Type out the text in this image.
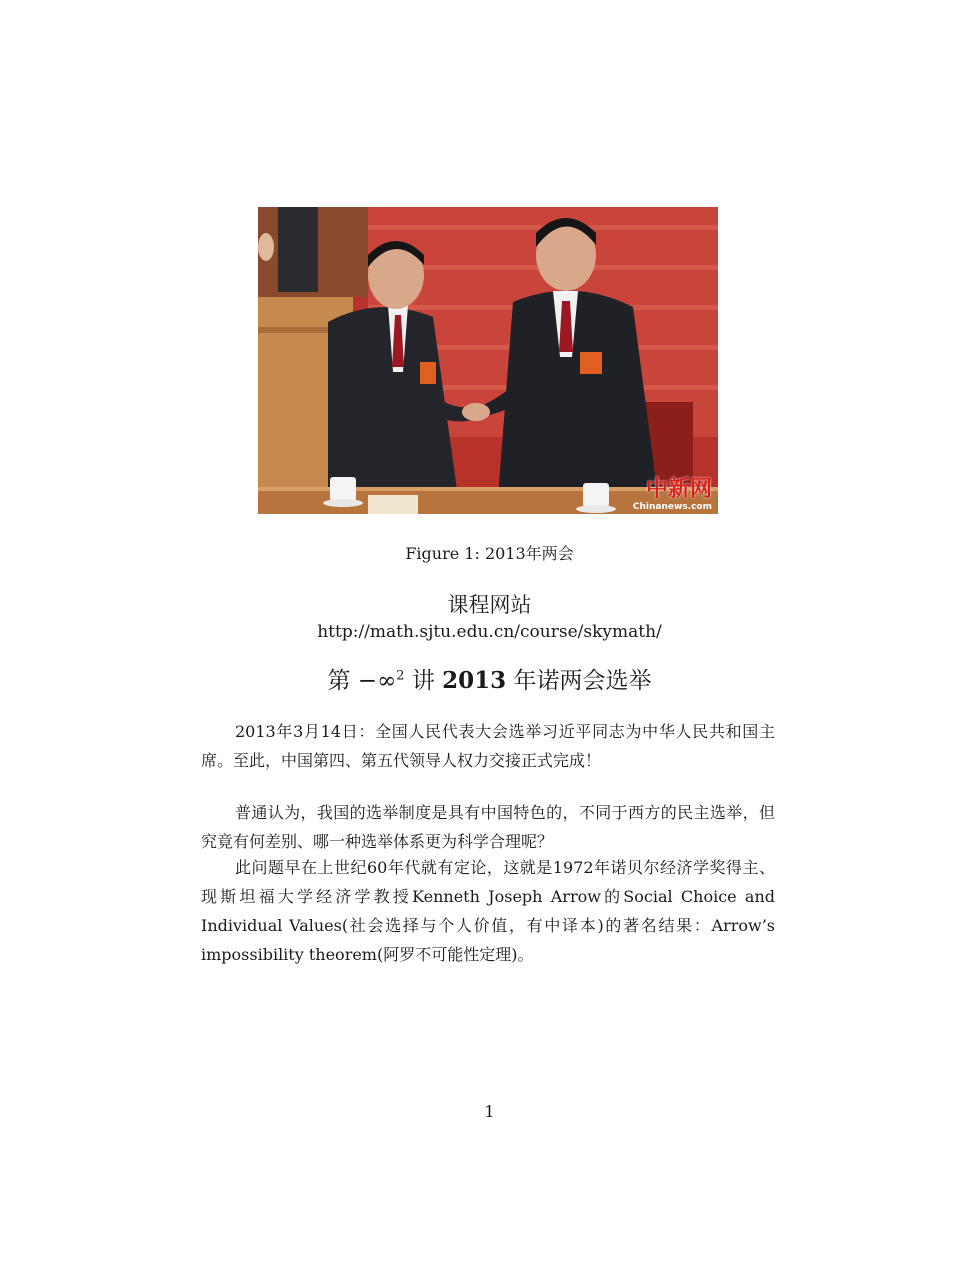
中新网
Chinanews.com
Figure 1: 2013年两会
课程网站
http://math.sjtu.edu.cn/course/skymath/
第 −∞$^2$ 讲 2013 年诺两会选举

2013年3月14日：全国人民代表大会选举习近平同志为中华人民共和国主席。至此，中国第四、第五代领导人权力交接正式完成！

普通认为，我国的选举制度是具有中国特色的，不同于西方的民主选举，但究竟有何差别、哪一种选举体系更为科学合理呢？

此问题早在上世纪60年代就有定论，这就是1972年诺贝尔经济学奖得主、现斯坦福大学经济学教授Kenneth Joseph Arrow的Social Choice and Individual Values(社会选择与个人价值，有中译本)的著名结果：Arrow’s impossibility theorem(阿罗不可能性定理)。

1
